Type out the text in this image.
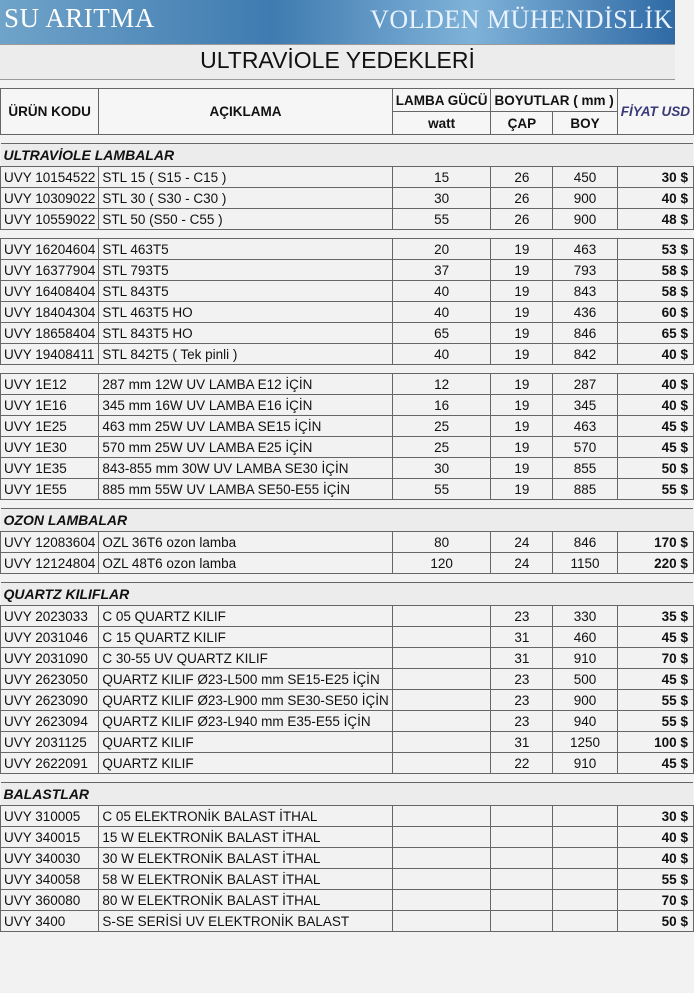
SU ARITMA	VOLDEN MÜHENDİSLİK
ULTRAVİOLE YEDEKLERİ
ÜRÜN KODU	AÇIKLAMA	LAMBA GÜCÜ	BOYUTLAR ( mm )		FİYAT USD
		watt	ÇAP	BOY	

ULTRAVİOLE LAMBALAR					
UVY 10154522	STL 15 ( S15 - C15 )	15	26	450	30 $
UVY 10309022	STL 30 ( S30 - C30 )	30	26	900	40 $
UVY 10559022	STL 50 (S50 - C55 )	55	26	900	48 $

UVY 16204604	STL 463T5	20	19	463	53 $
UVY 16377904	STL 793T5	37	19	793	58 $
UVY 16408404	STL 843T5	40	19	843	58 $
UVY 18404304	STL 463T5 HO	40	19	436	60 $
UVY 18658404	STL 843T5 HO	65	19	846	65 $
UVY 19408411	STL 842T5 ( Tek pinli )	40	19	842	40 $

UVY 1E12	287 mm 12W UV LAMBA E12 İÇİN	12	19	287	40 $
UVY 1E16	345 mm 16W UV LAMBA E16 İÇİN	16	19	345	40 $
UVY 1E25	463 mm 25W UV LAMBA SE15 İÇİN	25	19	463	45 $
UVY 1E30	570 mm 25W UV LAMBA E25 İÇİN	25	19	570	45 $
UVY 1E35	843-855 mm 30W UV LAMBA SE30 İÇİN	30	19	855	50 $
UVY 1E55	885 mm 55W UV LAMBA SE50-E55 İÇİN	55	19	885	55 $

OZON LAMBALAR					
UVY 12083604	OZL 36T6 ozon lamba	80	24	846	170 $
UVY 12124804	OZL 48T6 ozon lamba	120	24	1150	220 $

QUARTZ KILIFLAR					
UVY 2023033	C 05 QUARTZ KILIF		23	330	35 $
UVY 2031046	C 15 QUARTZ KILIF		31	460	45 $
UVY 2031090	C 30-55 UV QUARTZ KILIF		31	910	70 $
UVY 2623050	QUARTZ KILIF Ø23-L500 mm SE15-E25 İÇİN		23	500	45 $
UVY 2623090	QUARTZ KILIF Ø23-L900 mm SE30-SE50 İÇİN		23	900	55 $
UVY 2623094	QUARTZ KILIF Ø23-L940 mm E35-E55 İÇİN		23	940	55 $
UVY 2031125	QUARTZ KILIF		31	1250	100 $
UVY 2622091	QUARTZ KILIF		22	910	45 $

BALASTLAR					
UVY 310005	C 05 ELEKTRONİK BALAST İTHAL				30 $
UVY 340015	15 W ELEKTRONİK BALAST İTHAL				40 $
UVY 340030	30 W ELEKTRONİK BALAST İTHAL				40 $
UVY 340058	58 W ELEKTRONİK BALAST İTHAL				55 $
UVY 360080	80 W ELEKTRONİK BALAST İTHAL				70 $
UVY 3400	S-SE SERİSİ UV ELEKTRONİK BALAST				50 $
